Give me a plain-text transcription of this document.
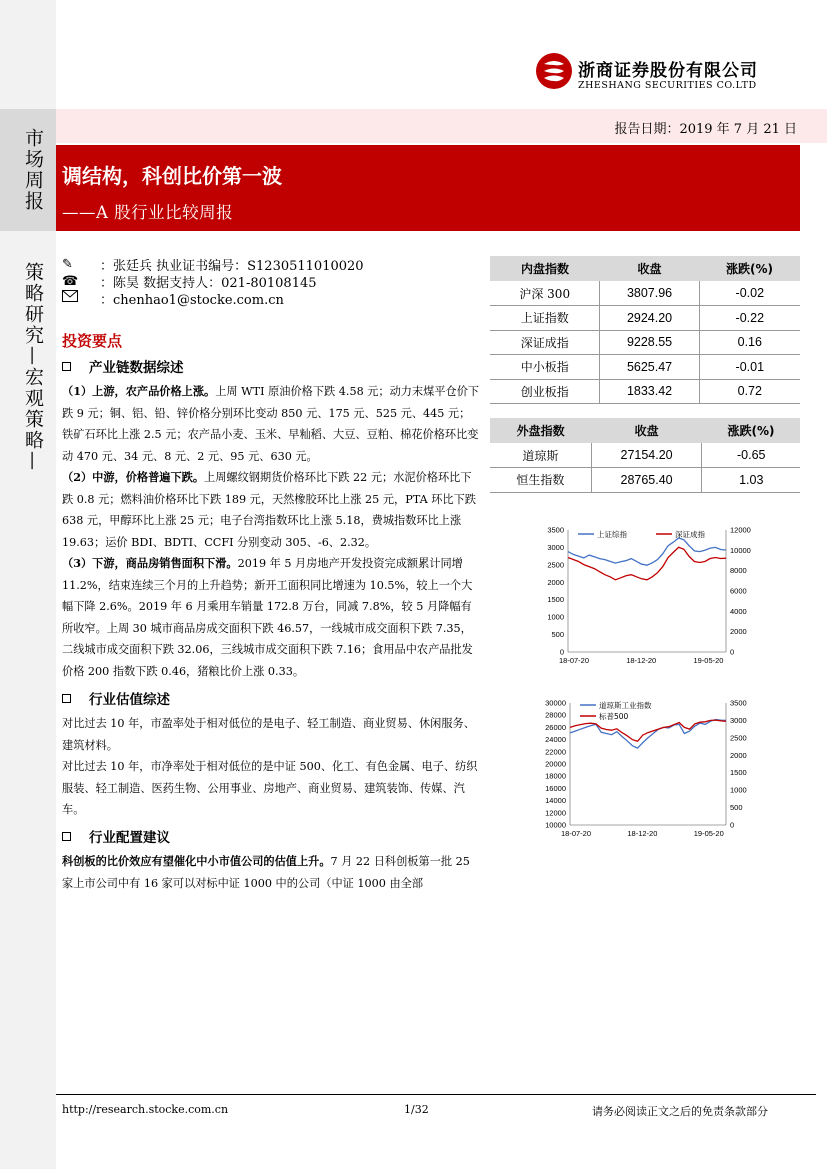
市场周报
策略研究—宏观策略—
浙商证券股份有限公司
ZHESHANG SECURITIES CO.LTD
报告日期：2019 年 7 月 21 日
调结构，科创比价第一波
——A 股行业比较周报
✎	：张廷兵 执业证书编号：S1230511010020
☎	：陈昊 数据支持人：021-80108145
：chenhao1@stocke.com.cn
投资要点
产业链数据综述
（1）上游，农产品价格上涨。上周 WTI 原油价格下跌 4.58 元；动力末煤平仓价下跌 9 元；铜、铝、铅、锌价格分别环比变动 850 元、175 元、525 元、445 元；铁矿石环比上涨 2.5 元；农产品小麦、玉米、早籼稻、大豆、豆粕、棉花价格环比变动 470 元、34 元、8 元、2 元、95 元、630 元。
（2）中游，价格普遍下跌。上周螺纹钢期货价格环比下跌 22 元；水泥价格环比下跌 0.8 元；燃料油价格环比下跌 189 元，天然橡胶环比上涨 25 元，PTA 环比下跌 638 元，甲醇环比上涨 25 元；电子台湾指数环比上涨 5.18，费城指数环比上涨 19.63；运价 BDI、BDTI、CCFI 分别变动 305、-6、2.32。
（3）下游，商品房销售面积下滑。2019 年 5 月房地产开发投资完成额累计同增 11.2%，结束连续三个月的上升趋势；新开工面积同比增速为 10.5%，较上一个大幅下降 2.6%。2019 年 6 月乘用车销量 172.8 万台，同减 7.8%，较 5 月降幅有所收窄。上周 30 城市商品房成交面积下跌 46.57，一线城市成交面积下跌 7.35，二线城市成交面积下跌 32.06，三线城市成交面积下跌 7.16；食用品中农产品批发价格 200 指数下跌 0.46，猪粮比价上涨 0.33。
行业估值综述
对比过去 10 年，市盈率处于相对低位的是电子、轻工制造、商业贸易、休闲服务、建筑材料。
对比过去 10 年，市净率处于相对低位的是中证 500、化工、有色金属、电子、纺织服装、轻工制造、医药生物、公用事业、房地产、商业贸易、建筑装饰、传媒、汽车。
行业配置建议
科创板的比价效应有望催化中小市值公司的估值上升。7 月 22 日科创板第一批 25 家上市公司中有 16 家可以对标中证 1000 中的公司（中证 1000 由全部
内盘指数	收盘	涨跌(%)
沪深 300	3807.96	-0.02
上证指数	2924.20	-0.22
深证成指	9228.55	0.16
中小板指	5625.47	-0.01
创业板指	1833.42	0.72
外盘指数	收盘	涨跌(%)
道琼斯	27154.20	-0.65
恒生指数	28765.40	1.03
0
500
1000
1500
2000
2500
3000
3500
0
2000
4000
6000
8000
10000
12000
18-07-20	18-12-20	19-05-20
上证综指	深证成指
10000
12000
14000
16000
18000
20000
22000
24000
26000
28000
30000
0
500
1000
1500
2000
2500
3000
3500
18-07-20	18-12-20	19-05-20
道琼斯工业指数
标普500
http://research.stocke.com.cn	1/32	请务必阅读正文之后的免责条款部分
